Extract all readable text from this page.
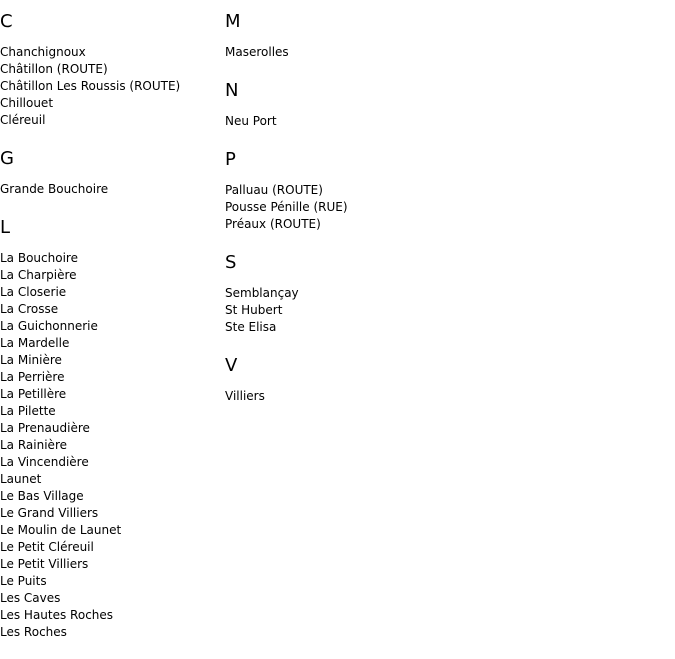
C
Chanchignoux
Châtillon (ROUTE)
Châtillon Les Roussis (ROUTE)
Chillouet
Cléreuil
G
Grande Bouchoire
L
La Bouchoire
La Charpière
La Closerie
La Crosse
La Guichonnerie
La Mardelle
La Minière
La Perrière
La Petillère
La Pilette
La Prenaudière
La Rainière
La Vincendière
Launet
Le Bas Village
Le Grand Villiers
Le Moulin de Launet
Le Petit Cléreuil
Le Petit Villiers
Le Puits
Les Caves
Les Hautes Roches
Les Roches
M
Maserolles
N
Neu Port
P
Palluau (ROUTE)
Pousse Pénille (RUE)
Préaux (ROUTE)
S
Semblançay
St Hubert
Ste Elisa
V
Villiers
